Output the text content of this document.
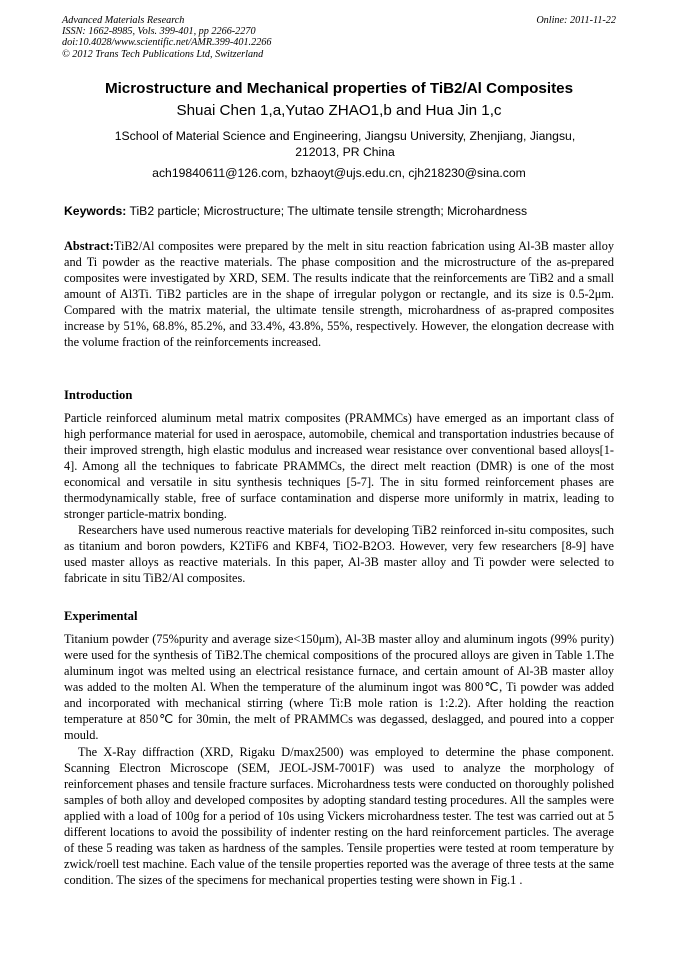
Advanced Materials Research
ISSN: 1662-8985, Vols. 399-401, pp 2266-2270
doi:10.4028/www.scientific.net/AMR.399-401.2266
© 2012 Trans Tech Publications Ltd, Switzerland
Online: 2011-11-22
Microstructure and Mechanical properties of TiB2/Al Composites
Shuai Chen 1,a,Yutao ZHAO1,b and Hua Jin 1,c
1School of Material Science and Engineering, Jiangsu University, Zhenjiang, Jiangsu, 212013, PR China
ach19840611@126.com, bzhaoyt@ujs.edu.cn, cjh218230@sina.com
Keywords: TiB2 particle; Microstructure; The ultimate tensile strength; Microhardness

Abstract:TiB2/Al composites were prepared by the melt in situ reaction fabrication using Al-3B master alloy and Ti powder as the reactive materials. The phase composition and the microstructure of the as-prepared composites were investigated by XRD, SEM. The results indicate that the reinforcements are TiB2 and a small amount of Al3Ti. TiB2 particles are in the shape of irregular polygon or rectangle, and its size is 0.5-2μm. Compared with the matrix material, the ultimate tensile strength, microhardness of as-prapred composites increase by 51%, 68.8%, 85.2%, and 33.4%, 43.8%, 55%, respectively. However, the elongation decrease with the volume fraction of the reinforcements increased.

Introduction

Particle reinforced aluminum metal matrix composites (PRAMMCs) have emerged as an important class of high performance material for used in aerospace, automobile, chemical and transportation industries because of their improved strength, high elastic modulus and increased wear resistance over conventional based alloys[1-4]. Among all the techniques to fabricate PRAMMCs, the direct melt reaction (DMR) is one of the most economical and versatile in situ synthesis techniques [5-7]. The in situ formed reinforcement phases are thermodynamically stable, free of surface contamination and disperse more uniformly in matrix, leading to stronger particle-matrix bonding.

Researchers have used numerous reactive materials for developing TiB2 reinforced in-situ composites, such as titanium and boron powders, K2TiF6 and KBF4, TiO2-B2O3. However, very few researchers [8-9] have used master alloys as reactive materials. In this paper, Al-3B master alloy and Ti powder were selected to fabricate in situ TiB2/Al composites.

Experimental

Titanium powder (75%purity and average size<150μm), Al-3B master alloy and aluminum ingots (99% purity) were used for the synthesis of TiB2.The chemical compositions of the procured alloys are given in Table 1.The aluminum ingot was melted using an electrical resistance furnace, and certain amount of Al-3B master alloy was added to the molten Al. When the temperature of the aluminum ingot was 800℃, Ti powder was added and incorporated with mechanical stirring (where Ti:B mole ration is 1:2.2). After holding the reaction temperature at 850℃ for 30min, the melt of PRAMMCs was degassed, deslagged, and poured into a copper mould.

The X-Ray diffraction (XRD, Rigaku D/max2500) was employed to determine the phase component. Scanning Electron Microscope (SEM, JEOL-JSM-7001F) was used to analyze the morphology of reinforcement phases and tensile fracture surfaces. Microhardness tests were conducted on thoroughly polished samples of both alloy and developed composites by adopting standard testing procedures. All the samples were applied with a load of 100g for a period of 10s using Vickers microhardness tester. The test was carried out at 5 different locations to avoid the possibility of indenter resting on the hard reinforcement particles. The average of these 5 reading was taken as hardness of the samples. Tensile properties were tested at room temperature by zwick/roell test machine. Each value of the tensile properties reported was the average of three tests at the same condition. The sizes of the specimens for mechanical properties testing were shown in Fig.1 .
